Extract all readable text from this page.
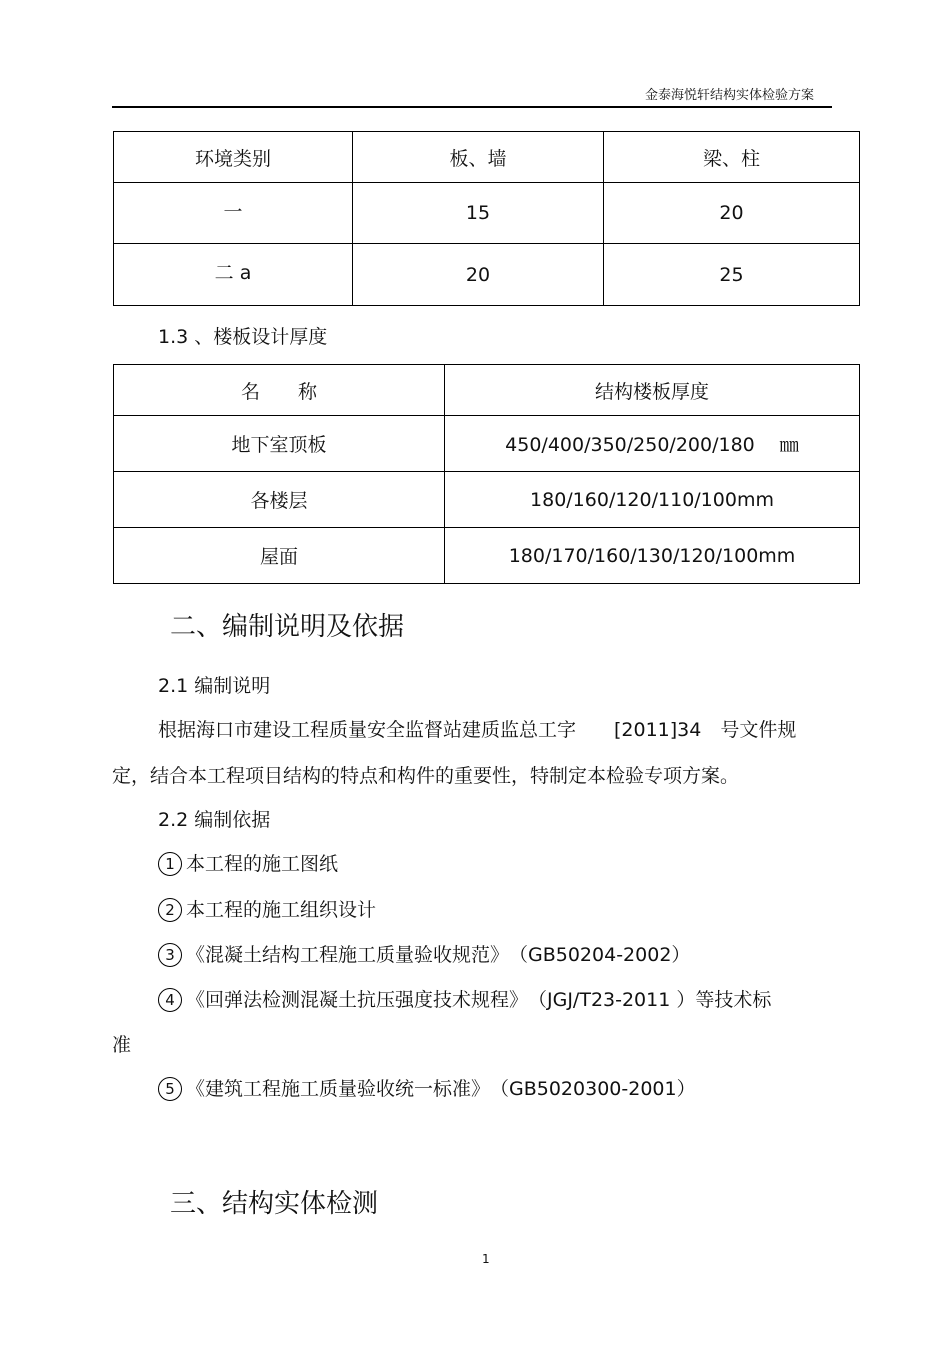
金泰海悦轩结构实体检验方案
环境类别	板、墙	梁、柱
一	15	20
二 a	20	25
1.3 、楼板设计厚度
名　　称	结构楼板厚度
地下室顶板	450/400/350/250/200/180　 ㎜
各楼层	180/160/120/110/100mm
屋面	180/170/160/130/120/100mm
二、编制说明及依据
2.1 编制说明
根据海口市建设工程质量安全监督站建质监总工字　　[2011]34　号文件规
定，结合本工程项目结构的特点和构件的重要性，特制定本检验专项方案。
2.2 编制依据
1 本工程的施工图纸
2 本工程的施工组织设计
3 《混凝土结构工程施工质量验收规范》　（GB50204-2002）
4 《回弹法检测混凝土抗压强度技术规程》　（JGJ/T23-2011 ）等技术标
准
5 《建筑工程施工质量验收统一标准》　（GB5020300-2001）
三、结构实体检测
1
